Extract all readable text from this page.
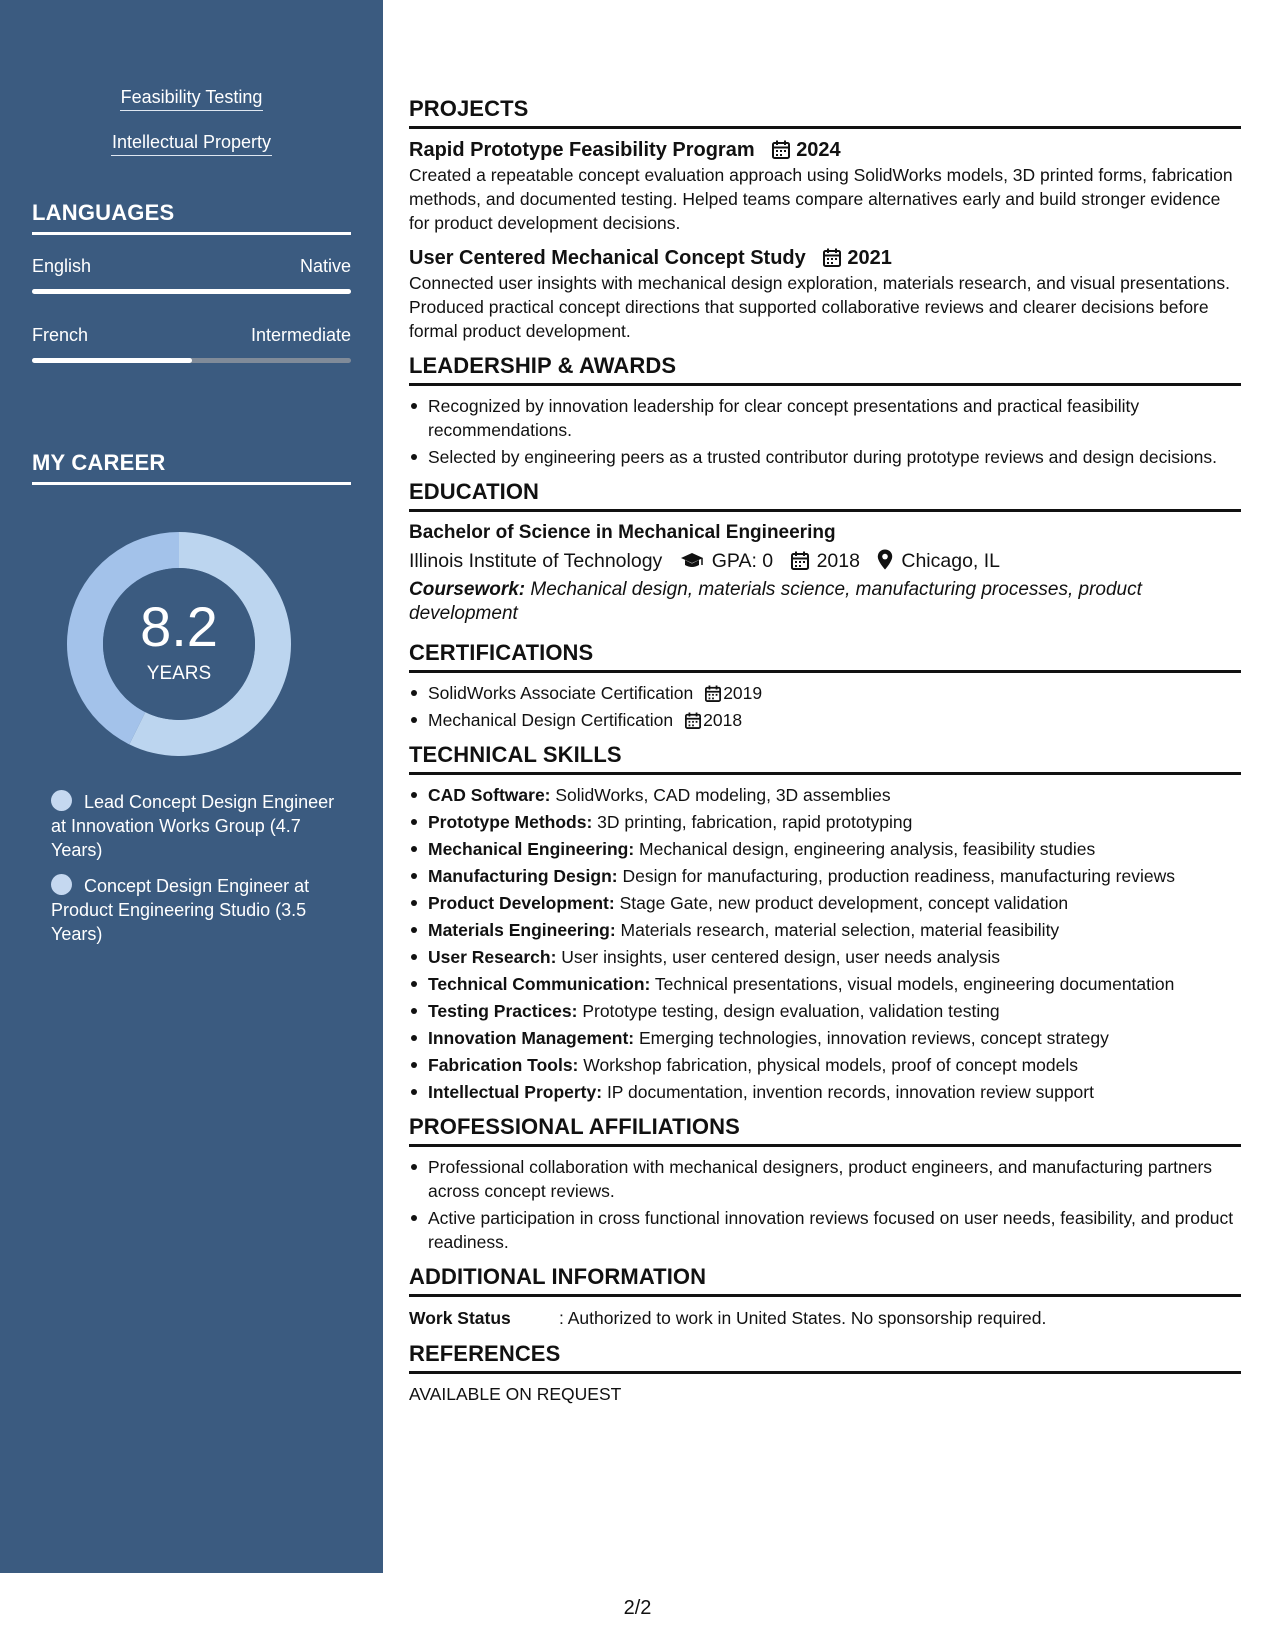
Feasibility Testing
Intellectual Property
LANGUAGES
English	Native
French	Intermediate
MY CAREER
8.2
YEARS
Lead Concept Design Engineer at Innovation Works Group (4.7 Years)
Concept Design Engineer at Product Engineering Studio (3.5 Years)
PROJECTS
Rapid Prototype Feasibility Program 2024
Created a repeatable concept evaluation approach using SolidWorks models, 3D printed forms, fabrication methods, and documented testing. Helped teams compare alternatives early and build stronger evidence for product development decisions.
User Centered Mechanical Concept Study 2021
Connected user insights with mechanical design exploration, materials research, and visual presentations. Produced practical concept directions that supported collaborative reviews and clearer decisions before formal product development.
LEADERSHIP & AWARDS
Recognized by innovation leadership for clear concept presentations and practical feasibility recommendations.
Selected by engineering peers as a trusted contributor during prototype reviews and design decisions.
EDUCATION
Bachelor of Science in Mechanical Engineering
Illinois Institute of Technology	GPA: 0 2018 Chicago, IL
Coursework: Mechanical design, materials science, manufacturing processes, product development
CERTIFICATIONS
SolidWorks Associate Certification 2019
Mechanical Design Certification 2018
TECHNICAL SKILLS
CAD Software: SolidWorks, CAD modeling, 3D assemblies
Prototype Methods: 3D printing, fabrication, rapid prototyping
Mechanical Engineering: Mechanical design, engineering analysis, feasibility studies
Manufacturing Design: Design for manufacturing, production readiness, manufacturing reviews
Product Development: Stage Gate, new product development, concept validation
Materials Engineering: Materials research, material selection, material feasibility
User Research: User insights, user centered design, user needs analysis
Technical Communication: Technical presentations, visual models, engineering documentation
Testing Practices: Prototype testing, design evaluation, validation testing
Innovation Management: Emerging technologies, innovation reviews, concept strategy
Fabrication Tools: Workshop fabrication, physical models, proof of concept models
Intellectual Property: IP documentation, invention records, innovation review support
PROFESSIONAL AFFILIATIONS
Professional collaboration with mechanical designers, product engineers, and manufacturing partners across concept reviews.
Active participation in cross functional innovation reviews focused on user needs, feasibility, and product readiness.
ADDITIONAL INFORMATION
Work Status	: Authorized to work in United States. No sponsorship required.
REFERENCES
AVAILABLE ON REQUEST
2/2
